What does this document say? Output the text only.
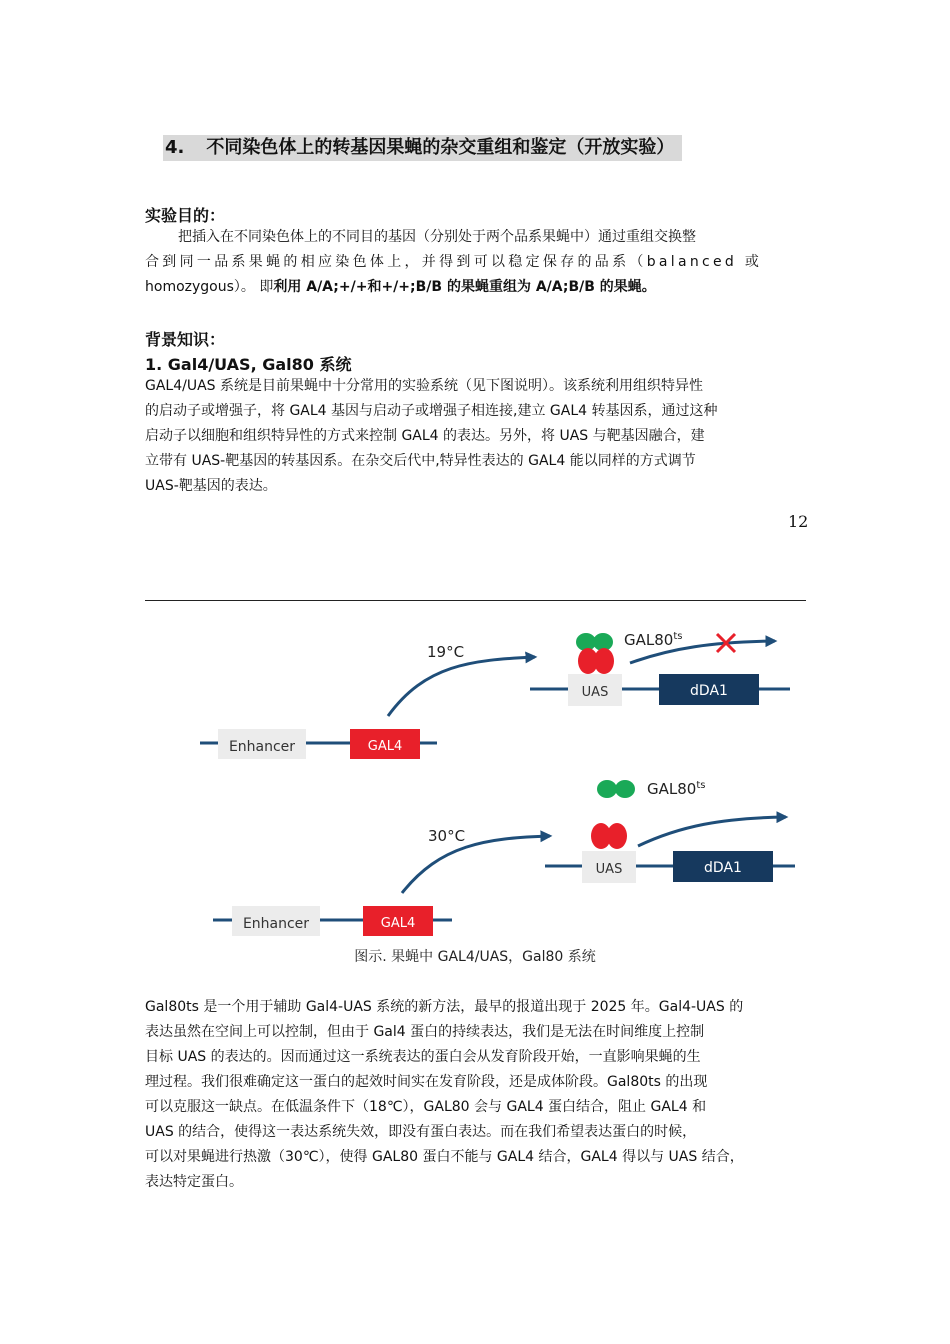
4. 不同染色体上的转基因果蝇的杂交重组和鉴定（开放实验）
实验目的：
把插入在不同染色体上的不同目的基因（分别处于两个品系果蝇中）通过重组交换整
合到同一品系果蝇的相应染色体上，并得到可以稳定保存的品系（balanced 或
homozygous）。 即利用 A/A;+/+和+/+;B/B 的果蝇重组为 A/A;B/B 的果蝇。
背景知识：
1. Gal4/UAS, Gal80 系统
GAL4/UAS 系统是目前果蝇中十分常用的实验系统（见下图说明）。该系统利用组织特异性
的启动子或增强子，将 GAL4 基因与启动子或增强子相连接,建立 GAL4 转基因系，通过这种
启动子以细胞和组织特异性的方式来控制 GAL4 的表达。另外，将 UAS 与靶基因融合，建
立带有 UAS-靶基因的转基因系。在杂交后代中,特异性表达的 GAL4 能以同样的方式调节
UAS-靶基因的表达。
12
Enhancer	GAL4
19°C
UAS	dDA1
$GAL80^{ts}$
Enhancer	GAL4
30°C
UAS	dDA1
$GAL80^{ts}$
图示. 果蝇中 GAL4/UAS，Gal80 系统
Gal80ts 是一个用于辅助 Gal4-UAS 系统的新方法，最早的报道出现于 2025 年。Gal4-UAS 的
表达虽然在空间上可以控制，但由于 Gal4 蛋白的持续表达，我们是无法在时间维度上控制
目标 UAS 的表达的。因而通过这一系统表达的蛋白会从发育阶段开始，一直影响果蝇的生
理过程。我们很难确定这一蛋白的起效时间实在发育阶段，还是成体阶段。Gal80ts 的出现
可以克服这一缺点。在低温条件下（18℃），GAL80 会与 GAL4 蛋白结合，阻止 GAL4 和
UAS 的结合，使得这一表达系统失效，即没有蛋白表达。而在我们希望表达蛋白的时候，
可以对果蝇进行热激（30℃），使得 GAL80 蛋白不能与 GAL4 结合，GAL4 得以与 UAS 结合，
表达特定蛋白。
